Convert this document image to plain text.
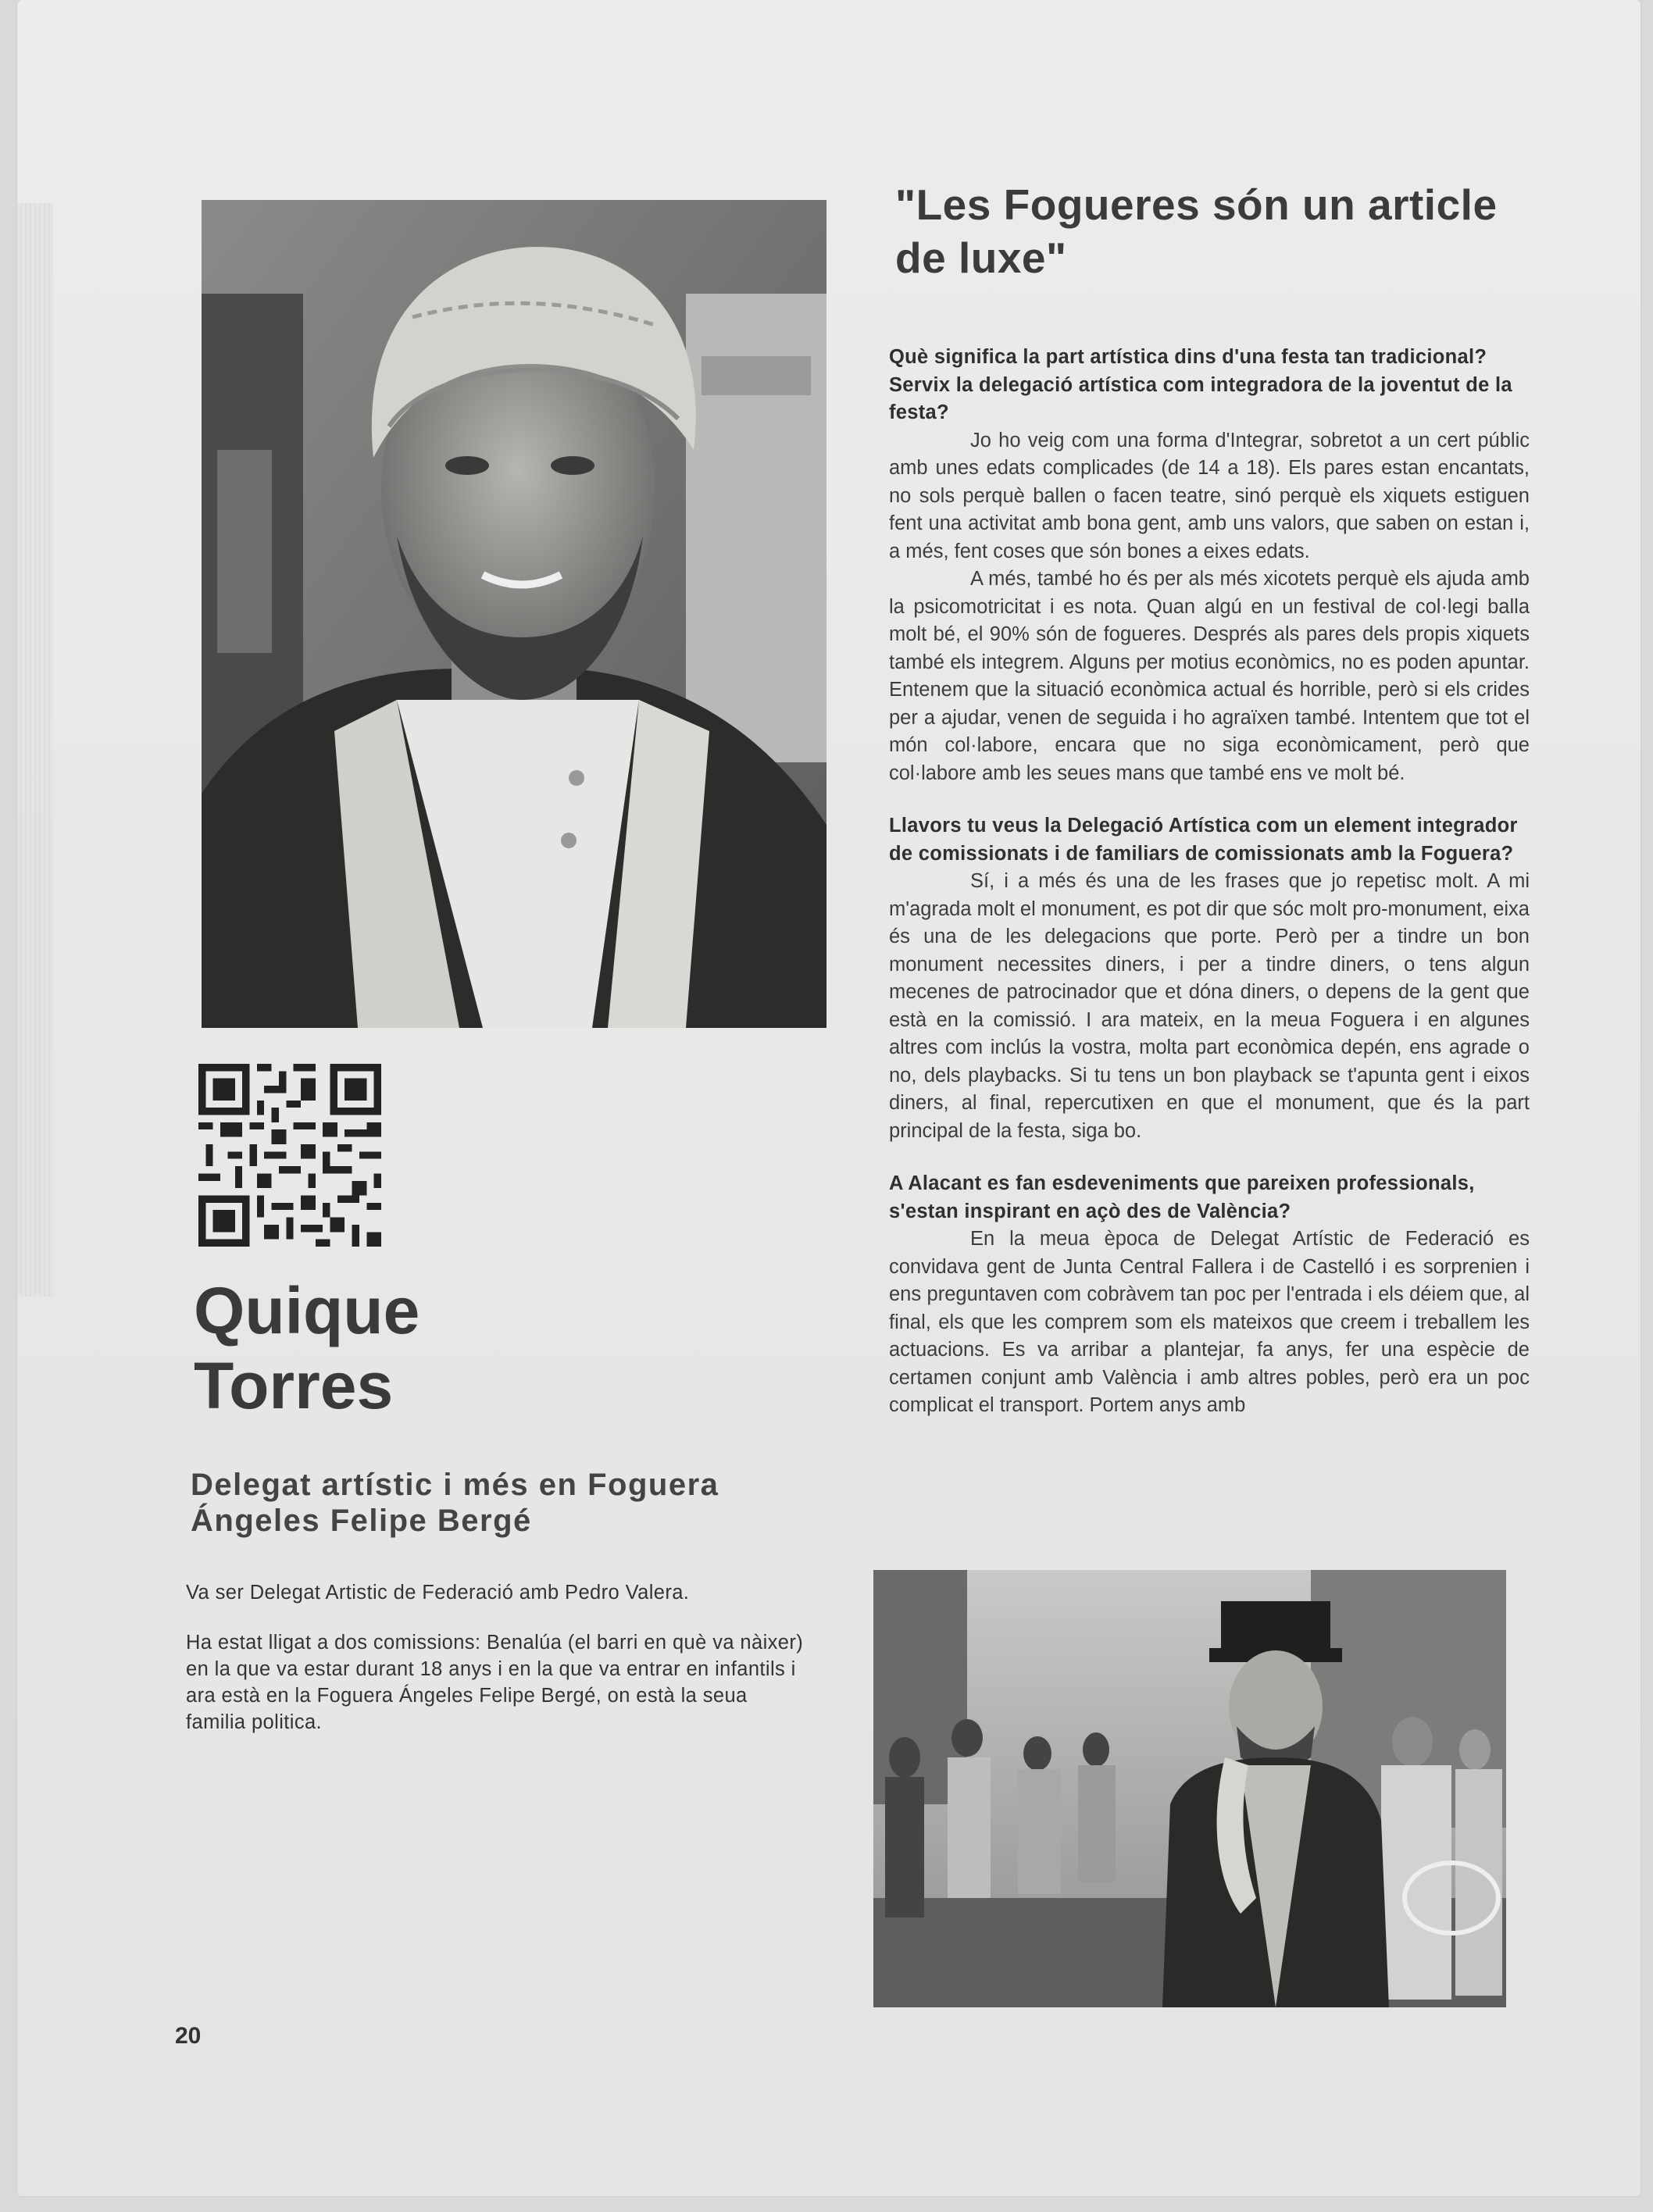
Quique
Torres
Delegat artístic i més en Foguera
Ángeles Felipe Bergé

Va ser Delegat Artistic de Federació amb Pedro Valera.

Ha estat lligat a dos comissions: Benalúa (el barri en què va nàixer) en la que va estar durant 18 anys i en la que va entrar en infantils i ara està en la Foguera Ángeles Felipe Bergé, on està la seua familia politica.

"Les Fogueres són un article de luxe"

Què significa la part artística dins d'una festa tan tradicional? Servix la delegació artística com integradora de la joventut de la festa?

Jo ho veig com una forma d'Integrar, sobretot a un cert públic amb unes edats complicades (de 14 a 18). Els pares estan encantats, no sols perquè ballen o facen teatre, sinó perquè els xiquets estiguen fent una activitat amb bona gent, amb uns valors, que saben on estan i, a més, fent coses que són bones a eixes edats.

A més, també ho és per als més xicotets perquè els ajuda amb la psicomotricitat i es nota. Quan algú en un festival de col·legi balla molt bé, el 90% són de fogueres. Després als pares dels propis xiquets també els integrem. Alguns per motius econòmics, no es poden apuntar. Entenem que la situació econòmica actual és horrible, però si els crides per a ajudar, venen de seguida i ho agraïxen també. Intentem que tot el món col·labore, encara que no siga econòmicament, però que col·labore amb les seues mans que també ens ve molt bé.

Llavors tu veus la Delegació Artística com un element integrador de comissionats i de familiars de comissionats amb la Foguera?

Sí, i a més és una de les frases que jo repetisc molt. A mi m'agrada molt el monument, es pot dir que sóc molt pro-monument, eixa és una de les delegacions que porte. Però per a tindre un bon monument necessites diners, i per a tindre diners, o tens algun mecenes de patrocinador que et dóna diners, o depens de la gent que està en la comissió. I ara mateix, en la meua Foguera i en algunes altres com inclús la vostra, molta part econòmica depén, ens agrade o no, dels playbacks. Si tu tens un bon playback se t'apunta gent i eixos diners, al final, repercutixen en que el monument, que és la part principal de la festa, siga bo.

A Alacant es fan esdeveniments que pareixen professionals, s'estan inspirant en açò des de València?

En la meua època de Delegat Artístic de Federació es convidava gent de Junta Central Fallera i de Castelló i es sorprenien i ens preguntaven com cobràvem tan poc per l'entrada i els déiem que, al final, els que les comprem som els mateixos que creem i treballem les actuacions. Es va arribar a plantejar, fa anys, fer una espècie de certamen conjunt amb València i amb altres pobles, però era un poc complicat el transport. Portem anys amb

20
